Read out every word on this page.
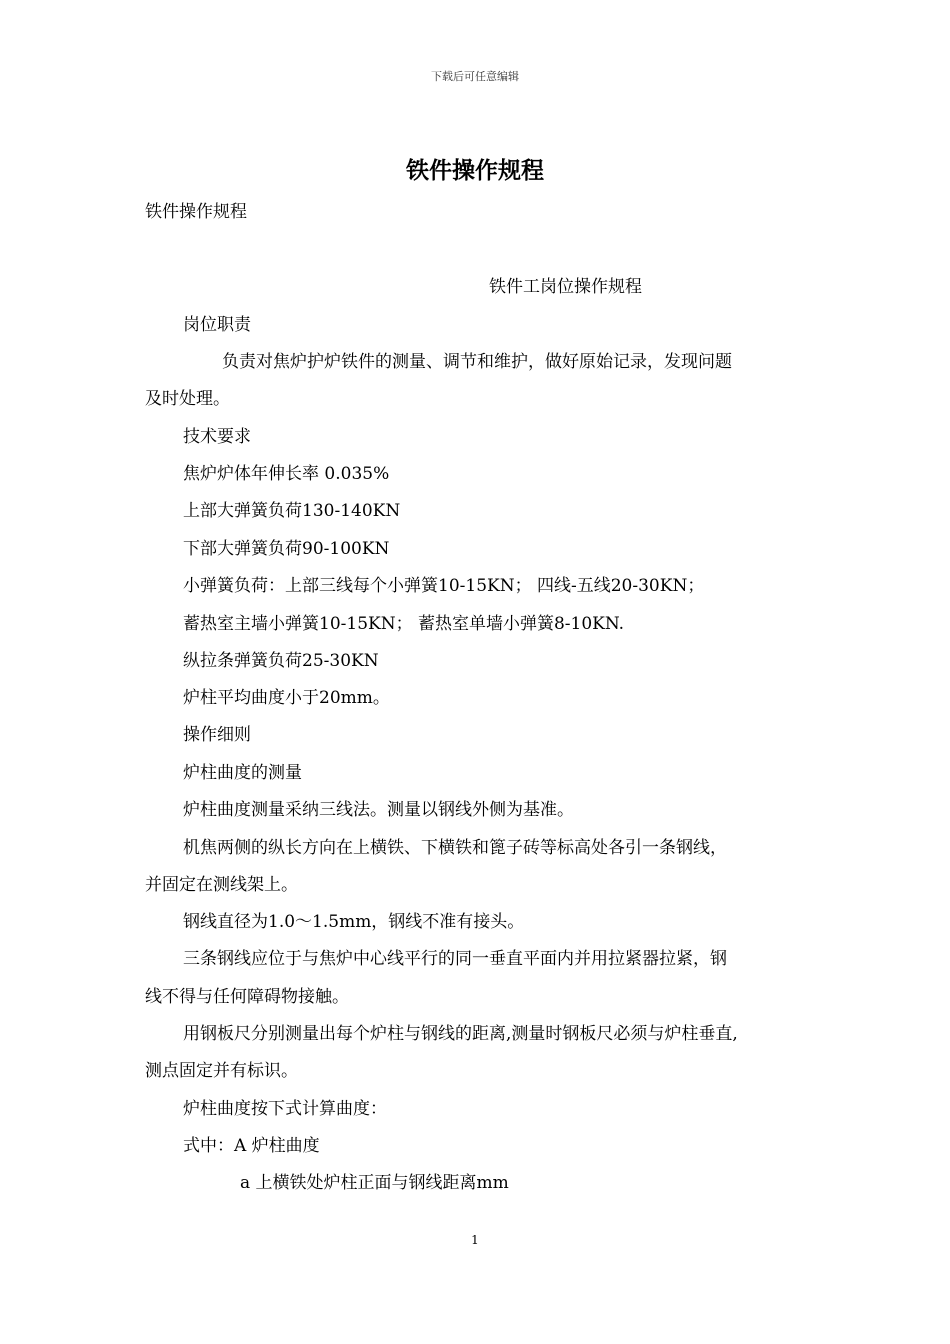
下载后可任意编辑
铁件操作规程
铁件操作规程
铁件工岗位操作规程
岗位职责
负责对焦炉护炉铁件的测量、调节和维护，做好原始记录，发现问题
及时处理。
技术要求
焦炉炉体年伸长率 0.035%
上部大弹簧负荷130-140KN
下部大弹簧负荷90-100KN
小弹簧负荷：上部三线每个小弹簧10-15KN； 四线-五线20-30KN；
蓄热室主墙小弹簧10-15KN； 蓄热室单墙小弹簧8-10KN.
纵拉条弹簧负荷25-30KN
炉柱平均曲度小于20mm。
操作细则
炉柱曲度的测量
炉柱曲度测量采纳三线法。测量以钢线外侧为基准。
机焦两侧的纵长方向在上横铁、下横铁和篦子砖等标高处各引一条钢线，
并固定在测线架上。
钢线直径为1.0～1.5mm，钢线不准有接头。
三条钢线应位于与焦炉中心线平行的同一垂直平面内并用拉紧器拉紧，钢
线不得与任何障碍物接触。
用钢板尺分别测量出每个炉柱与钢线的距离,测量时钢板尺必须与炉柱垂直,
测点固定并有标识。
炉柱曲度按下式计算曲度：
式中：A 炉柱曲度
a 上横铁处炉柱正面与钢线距离mm
1
